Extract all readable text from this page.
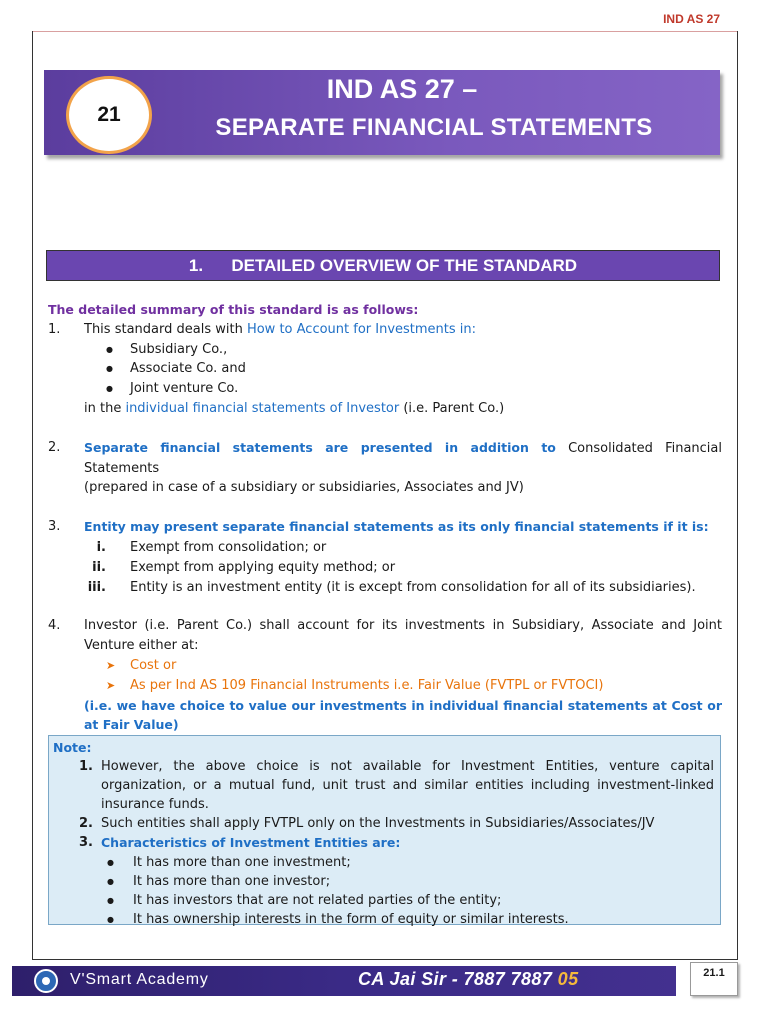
IND AS 27
IND AS 27 –
SEPARATE FINANCIAL STATEMENTS
21
1.      DETAILED OVERVIEW OF THE STANDARD
The detailed summary of this standard is as follows:
1. This standard deals with How to Account for Investments in:
● Subsidiary Co.,
● Associate Co. and
● Joint venture Co.
in the individual financial statements of Investor (i.e. Parent Co.)
2. Separate financial statements are presented in addition to Consolidated Financial Statements
(prepared in case of a subsidiary or subsidiaries, Associates and JV)
3. Entity may present separate financial statements as its only financial statements if it is:
i. Exempt from consolidation; or
ii. Exempt from applying equity method; or
iii. Entity is an investment entity (it is except from consolidation for all of its subsidiaries).
4. Investor (i.e. Parent Co.) shall account for its investments in Subsidiary, Associate and Joint Venture either at:
➤ Cost or
➤ As per Ind AS 109 Financial Instruments i.e. Fair Value (FVTPL or FVTOCI)
(i.e. we have choice to value our investments in individual financial statements at Cost or at Fair Value)
Note:
1. However, the above choice is not available for Investment Entities, venture capital organization, or a mutual fund, unit trust and similar entities including investment-linked insurance funds.
2. Such entities shall apply FVTPL only on the Investments in Subsidiaries/Associates/JV
3. Characteristics of Investment Entities are:
● It has more than one investment;
● It has more than one investor;
● It has investors that are not related parties of the entity;
● It has ownership interests in the form of equity or similar interests.
V'Smart Academy	CA Jai Sir - 7887 7887 05	21.1
